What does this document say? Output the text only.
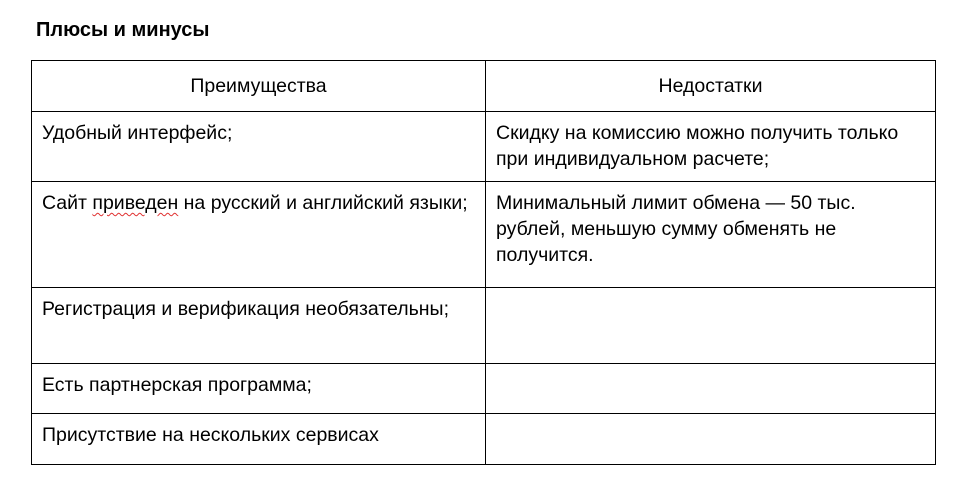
Плюсы и минусы
Преимущества	Недостатки
Удобный интерфейс;	Скидку на комиссию можно получить только при индивидуальном расчете;
Сайт приведен на русский и английский языки;	Минимальный лимит обмена — 50 тыс. рублей, меньшую сумму обменять не получится.
Регистрация и верификация необязательны;	
Есть партнерская программа;	
Присутствие на нескольких сервисах	
